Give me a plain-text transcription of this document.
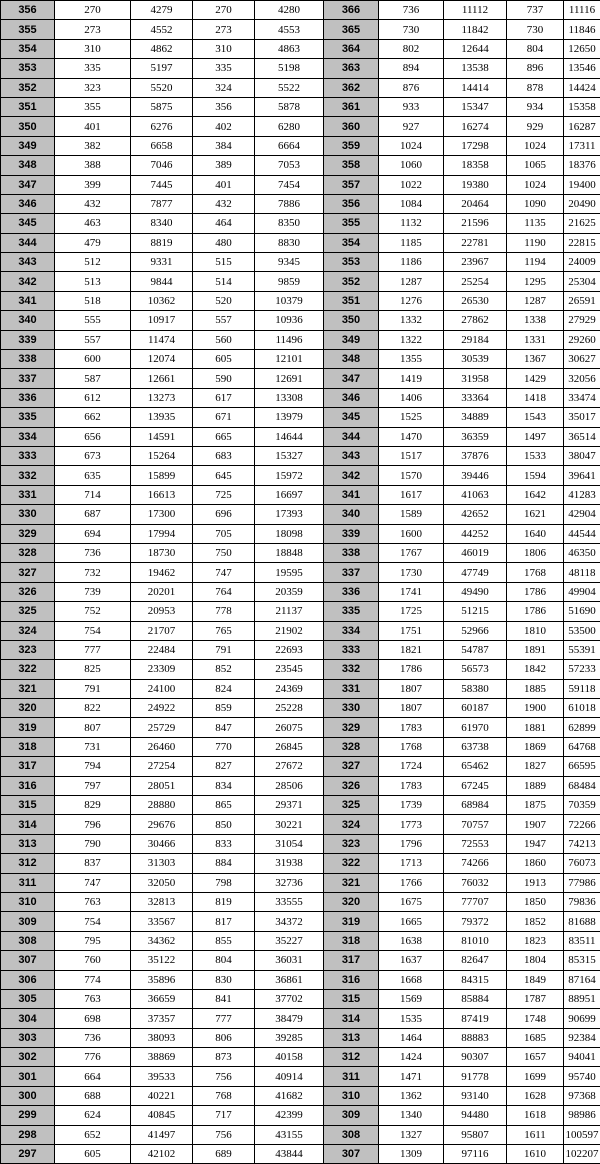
356	270	4279	270	4280	366	736	11112	737	11116
355	273	4552	273	4553	365	730	11842	730	11846
354	310	4862	310	4863	364	802	12644	804	12650
353	335	5197	335	5198	363	894	13538	896	13546
352	323	5520	324	5522	362	876	14414	878	14424
351	355	5875	356	5878	361	933	15347	934	15358
350	401	6276	402	6280	360	927	16274	929	16287
349	382	6658	384	6664	359	1024	17298	1024	17311
348	388	7046	389	7053	358	1060	18358	1065	18376
347	399	7445	401	7454	357	1022	19380	1024	19400
346	432	7877	432	7886	356	1084	20464	1090	20490
345	463	8340	464	8350	355	1132	21596	1135	21625
344	479	8819	480	8830	354	1185	22781	1190	22815
343	512	9331	515	9345	353	1186	23967	1194	24009
342	513	9844	514	9859	352	1287	25254	1295	25304
341	518	10362	520	10379	351	1276	26530	1287	26591
340	555	10917	557	10936	350	1332	27862	1338	27929
339	557	11474	560	11496	349	1322	29184	1331	29260
338	600	12074	605	12101	348	1355	30539	1367	30627
337	587	12661	590	12691	347	1419	31958	1429	32056
336	612	13273	617	13308	346	1406	33364	1418	33474
335	662	13935	671	13979	345	1525	34889	1543	35017
334	656	14591	665	14644	344	1470	36359	1497	36514
333	673	15264	683	15327	343	1517	37876	1533	38047
332	635	15899	645	15972	342	1570	39446	1594	39641
331	714	16613	725	16697	341	1617	41063	1642	41283
330	687	17300	696	17393	340	1589	42652	1621	42904
329	694	17994	705	18098	339	1600	44252	1640	44544
328	736	18730	750	18848	338	1767	46019	1806	46350
327	732	19462	747	19595	337	1730	47749	1768	48118
326	739	20201	764	20359	336	1741	49490	1786	49904
325	752	20953	778	21137	335	1725	51215	1786	51690
324	754	21707	765	21902	334	1751	52966	1810	53500
323	777	22484	791	22693	333	1821	54787	1891	55391
322	825	23309	852	23545	332	1786	56573	1842	57233
321	791	24100	824	24369	331	1807	58380	1885	59118
320	822	24922	859	25228	330	1807	60187	1900	61018
319	807	25729	847	26075	329	1783	61970	1881	62899
318	731	26460	770	26845	328	1768	63738	1869	64768
317	794	27254	827	27672	327	1724	65462	1827	66595
316	797	28051	834	28506	326	1783	67245	1889	68484
315	829	28880	865	29371	325	1739	68984	1875	70359
314	796	29676	850	30221	324	1773	70757	1907	72266
313	790	30466	833	31054	323	1796	72553	1947	74213
312	837	31303	884	31938	322	1713	74266	1860	76073
311	747	32050	798	32736	321	1766	76032	1913	77986
310	763	32813	819	33555	320	1675	77707	1850	79836
309	754	33567	817	34372	319	1665	79372	1852	81688
308	795	34362	855	35227	318	1638	81010	1823	83511
307	760	35122	804	36031	317	1637	82647	1804	85315
306	774	35896	830	36861	316	1668	84315	1849	87164
305	763	36659	841	37702	315	1569	85884	1787	88951
304	698	37357	777	38479	314	1535	87419	1748	90699
303	736	38093	806	39285	313	1464	88883	1685	92384
302	776	38869	873	40158	312	1424	90307	1657	94041
301	664	39533	756	40914	311	1471	91778	1699	95740
300	688	40221	768	41682	310	1362	93140	1628	97368
299	624	40845	717	42399	309	1340	94480	1618	98986
298	652	41497	756	43155	308	1327	95807	1611	100597
297	605	42102	689	43844	307	1309	97116	1610	102207
